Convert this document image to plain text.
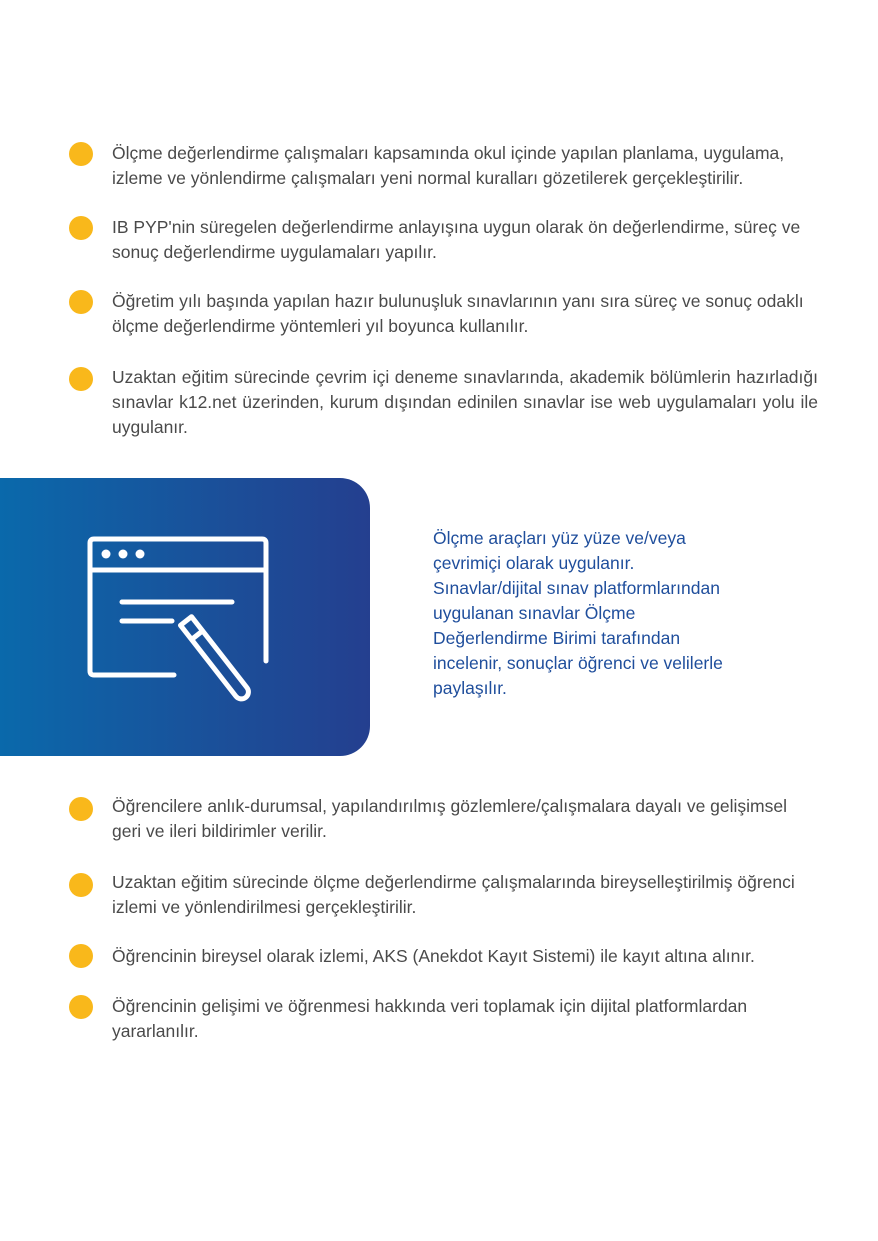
Ölçme değerlendirme çalışmaları kapsamında okul içinde yapılan planlama, uygulama, izleme ve yönlendirme çalışmaları yeni normal kuralları gözetilerek gerçekleştirilir.

IB PYP'nin süregelen değerlendirme anlayışına uygun olarak ön değerlendirme, süreç ve sonuç değerlendirme uygulamaları yapılır.

Öğretim yılı başında yapılan hazır bulunuşluk sınavlarının yanı sıra süreç ve sonuç odaklı ölçme değerlendirme yöntemleri yıl boyunca kullanılır.

Uzaktan eğitim sürecinde çevrim içi deneme sınavlarında, akademik bölümlerin hazırladığı sınavlar k12.net üzerinden, kurum dışından edinilen sınavlar ise web uygulamaları yolu ile uygulanır.

Ölçme araçları yüz yüze ve/veya
çevrimiçi olarak uygulanır.
Sınavlar/dijital sınav platformlarından
uygulanan sınavlar Ölçme
Değerlendirme Birimi tarafından
incelenir, sonuçlar öğrenci ve velilerle
paylaşılır.

Öğrencilere anlık-durumsal, yapılandırılmış gözlemlere/çalışmalara dayalı ve gelişimsel geri ve ileri bildirimler verilir.

Uzaktan eğitim sürecinde ölçme değerlendirme çalışmalarında bireyselleştirilmiş öğrenci izlemi ve yönlendirilmesi gerçekleştirilir.

Öğrencinin bireysel olarak izlemi, AKS (Anekdot Kayıt Sistemi) ile kayıt altına alınır.

Öğrencinin gelişimi ve öğrenmesi hakkında veri toplamak için dijital platformlardan yararlanılır.
